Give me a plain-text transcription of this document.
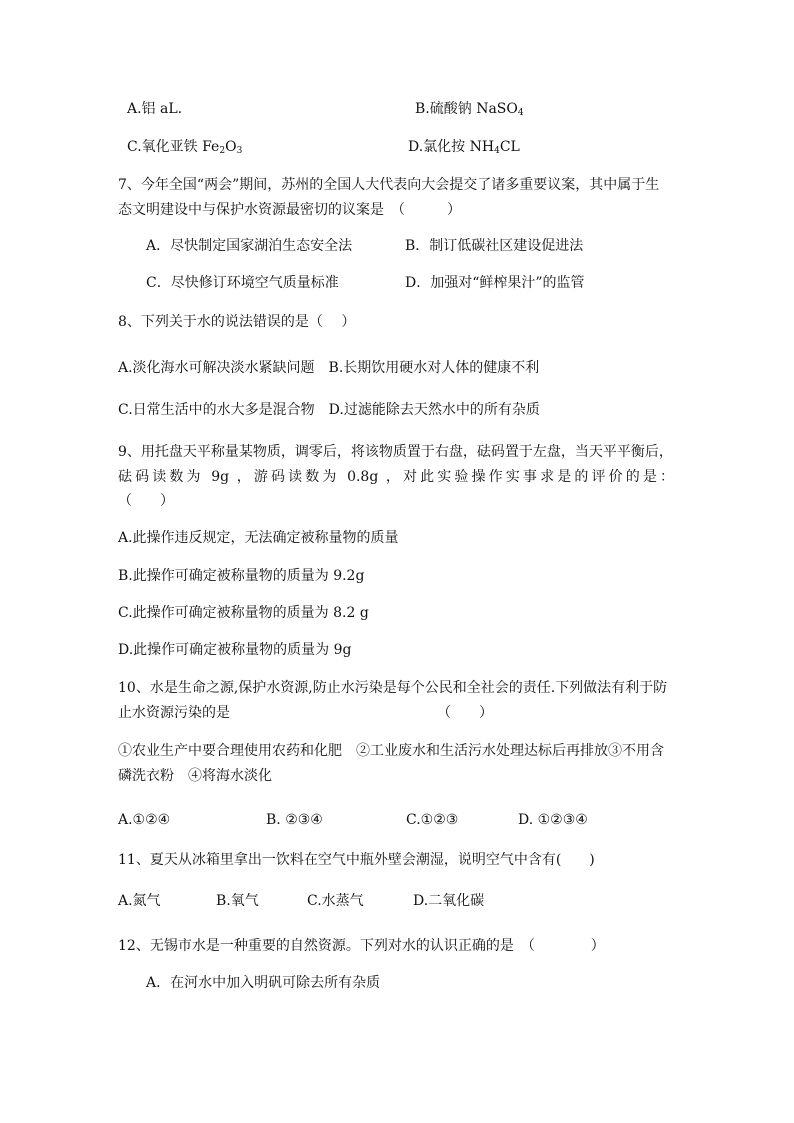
A.铝 aL.	B.硫酸钠 NaSO$_4$
C.氧化亚铁 $Fe_2O_3$	D.氯化按 $NH_4CL$
7、今年全国“两会”期间，苏州的全国人大代表向大会提交了诸多重要议案，其中属于生
态文明建设中与保护水资源最密切的议案是　（　　　）
A．尽快制定国家湖泊生态安全法	B．制订低碳社区建设促进法
C．尽快修订环境空气质量标准	D．加强对“鲜榨果汁”的监管
8、下列关于水的说法错误的是（　 ）
A.淡化海水可解决淡水紧缺问题　B.长期饮用硬水对人体的健康不利
C.日常生活中的水大多是混合物　D.过滤能除去天然水中的所有杂质
9、用托盘天平称量某物质，调零后，将该物质置于右盘，砝码置于左盘，当天平平衡后，
砝码读数为 9g ，游码读数为 0.8g ，对此实验操作实事求是的评价的是：
（　　）
A.此操作违反规定，无法确定被称量物的质量
B.此操作可确定被称量物的质量为 9.2g
C.此操作可确定被称量物的质量为 8.2 g
D.此操作可确定被称量物的质量为 9g
10、水是生命之源,保护水资源,防止水污染是每个公民和全社会的责任.下列做法有利于防
止水资源污染的是	（　　）
①农业生产中要合理使用农药和化肥　②工业废水和生活污水处理达标后再排放③不用含
磷洗衣粉　④将海水淡化
A.①②④	B. ②③④	C.①②③	D. ①②③④
11、夏天从冰箱里拿出一饮料在空气中瓶外壁会潮湿，说明空气中含有(　　)
A.氮气	B.氧气	C.水蒸气	D.二氧化碳
12、无锡市水是一种重要的自然资源。下列对水的认识正确的是　（　　　　）
A．在河水中加入明矾可除去所有杂质
